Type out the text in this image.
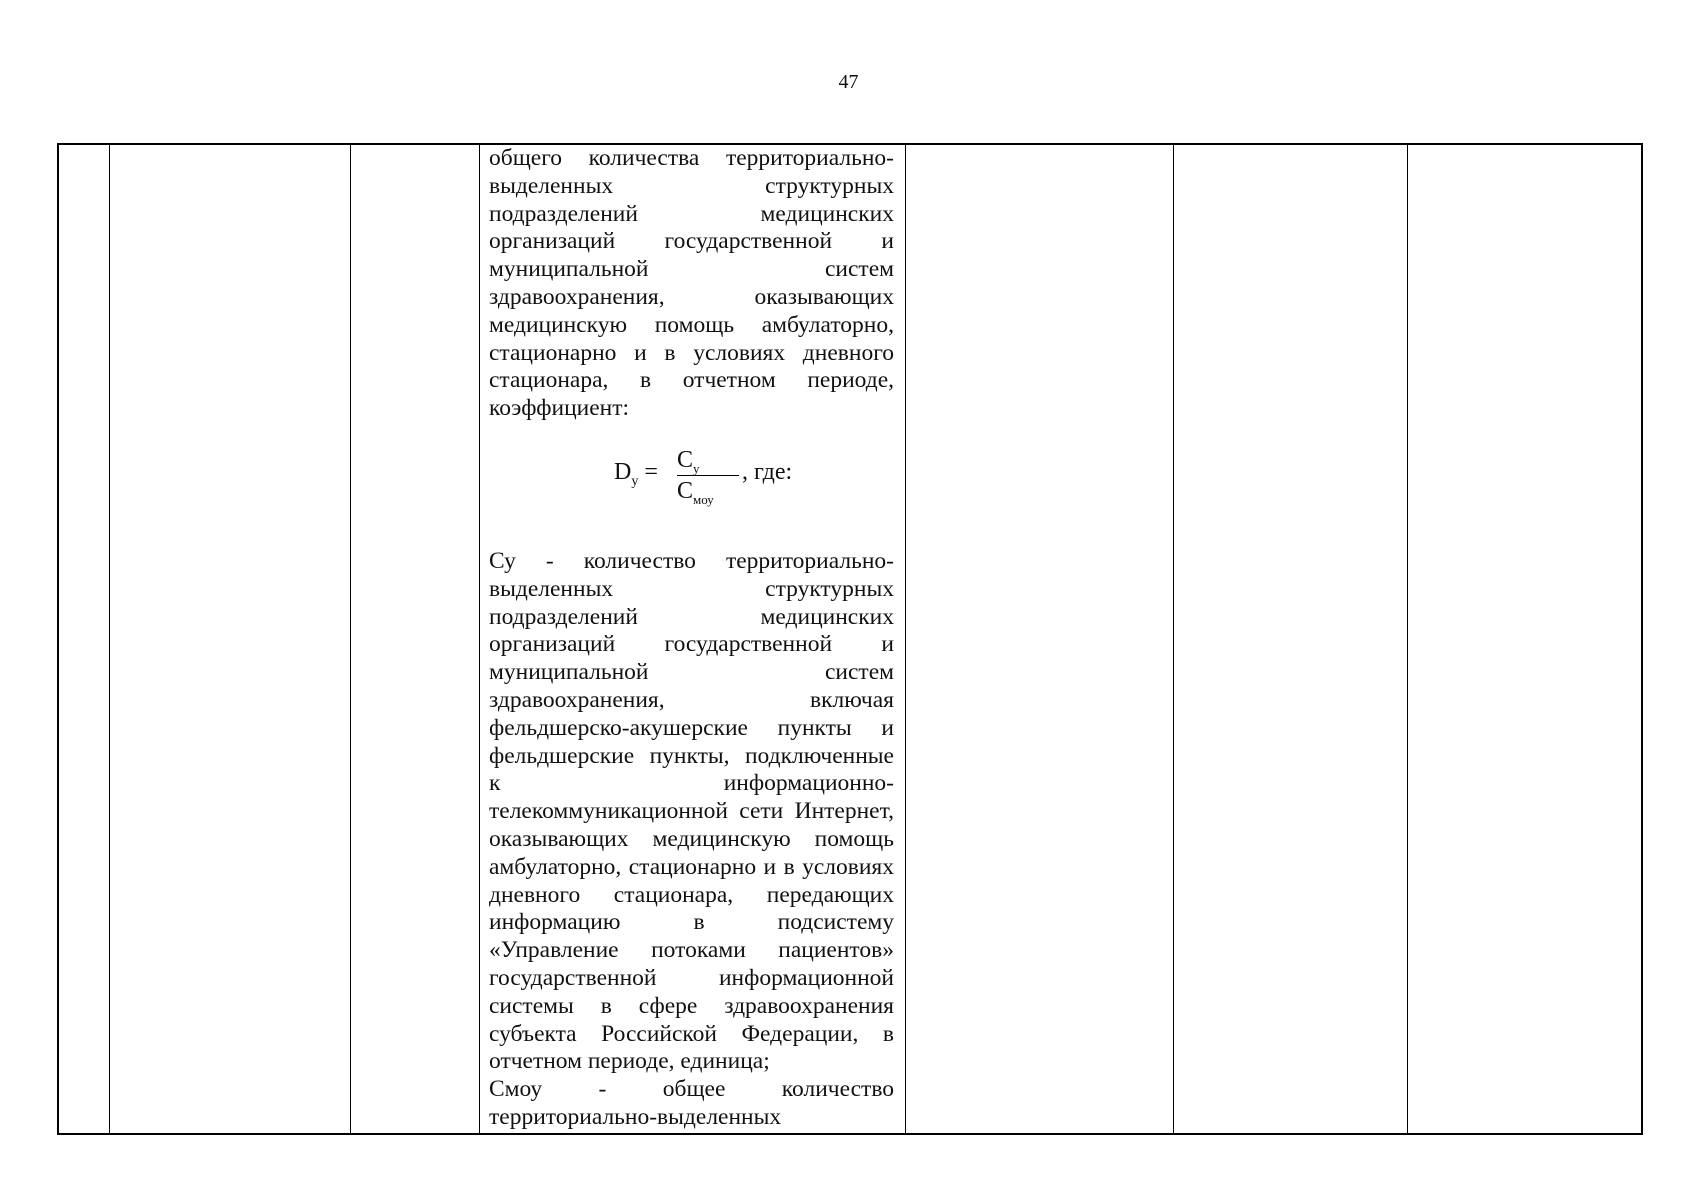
47
общего количества территориально-
выделенных структурных
подразделений медицинских
организаций государственной и
муниципальной систем
здравоохранения, оказывающих
медицинскую помощь амбулаторно,
стационарно и в условиях дневного
стационара, в отчетном периоде,
коэффициент:
$D_у = C_у$
$C_{моу}$
, где:
Су - количество территориально-
выделенных структурных
подразделений медицинских
организаций государственной и
муниципальной систем
здравоохранения, включая
фельдшерско-акушерские пункты и
фельдшерские пункты, подключенные
к информационно-
телекоммуникационной сети Интернет,
оказывающих медицинскую помощь
амбулаторно, стационарно и в условиях
дневного стационара, передающих
информацию в подсистему
«Управление потоками пациентов»
государственной информационной
системы в сфере здравоохранения
субъекта Российской Федерации, в
отчетном периоде, единица;
Смоу - общее количество
территориально-выделенных
